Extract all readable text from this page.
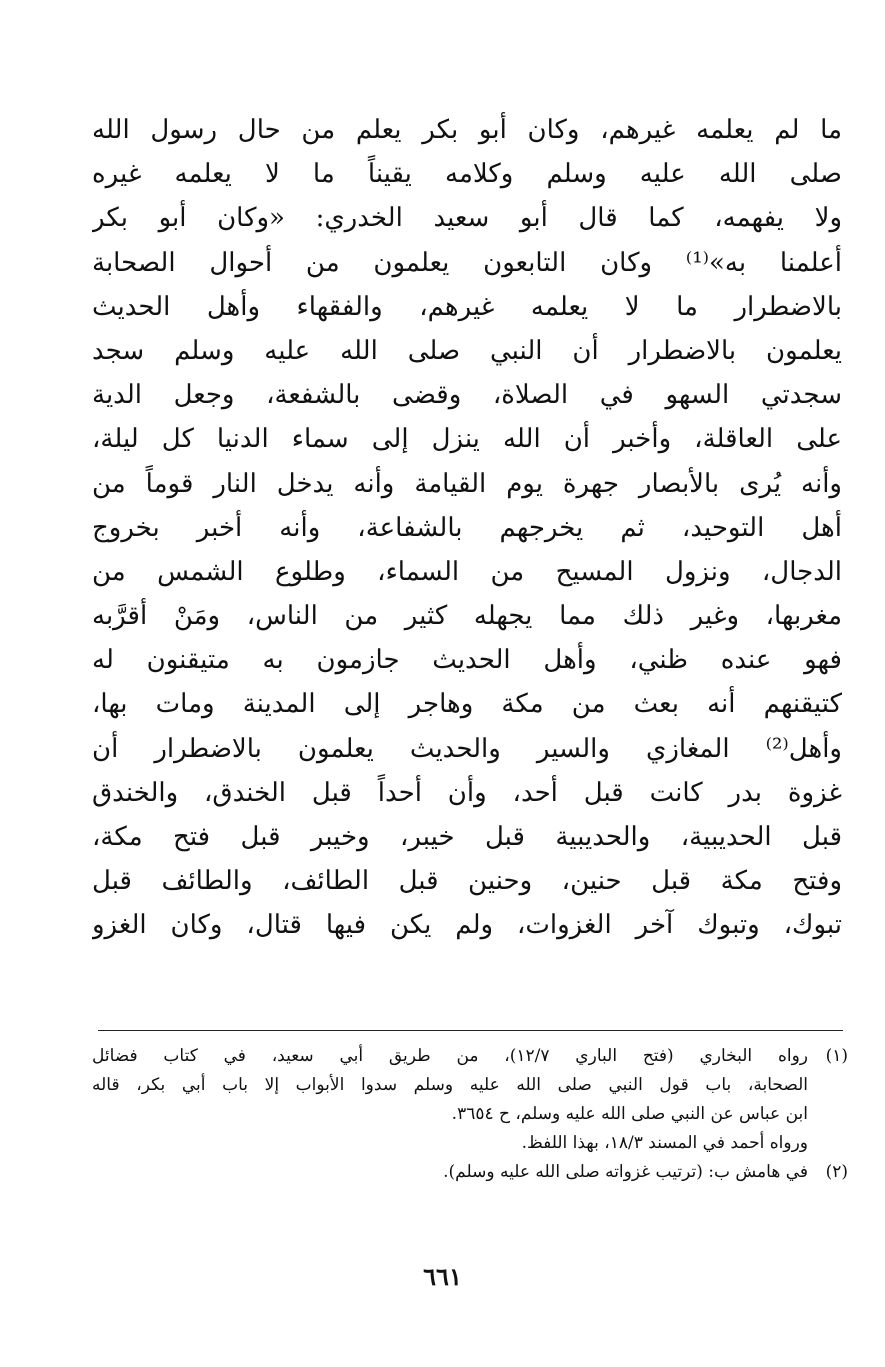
ما لم يعلمه غيرهم، وكان أبو بكر يعلم من حال رسول الله
صلى الله عليه وسلم وكلامه يقيناً ما لا يعلمه غيره
ولا يفهمه، كما قال أبو سعيد الخدري: «وكان أبو بكر
أعلمنا به»⁽¹⁾ وكان التابعون يعلمون من أحوال الصحابة
بالاضطرار ما لا يعلمه غيرهم، والفقهاء وأهل الحديث
يعلمون بالاضطرار أن النبي صلى الله عليه وسلم سجد
سجدتي السهو في الصلاة، وقضى بالشفعة، وجعل الدية
على العاقلة، وأخبر أن الله ينزل إلى سماء الدنيا كل ليلة،
وأنه يُرى بالأبصار جهرة يوم القيامة وأنه يدخل النار قوماً من
أهل التوحيد، ثم يخرجهم بالشفاعة، وأنه أخبر بخروج
الدجال، ونزول المسيح من السماء، وطلوع الشمس من
مغربها، وغير ذلك مما يجهله كثير من الناس، ومَنْ أقرَّبه
فهو عنده ظني، وأهل الحديث جازمون به متيقنون له
كتيقنهم أنه بعث من مكة وهاجر إلى المدينة ومات بها،
وأهل⁽²⁾ المغازي والسير والحديث يعلمون بالاضطرار أن
غزوة بدر كانت قبل أحد، وأن أحداً قبل الخندق، والخندق
قبل الحديبية، والحديبية قبل خيبر، وخيبر قبل فتح مكة،
وفتح مكة قبل حنين، وحنين قبل الطائف، والطائف قبل
تبوك، وتبوك آخر الغزوات، ولم يكن فيها قتال، وكان الغزو
(١)
رواه البخاري (فتح الباري ١٢/٧)، من طريق أبي سعيد، في كتاب فضائل
الصحابة، باب قول النبي صلى الله عليه وسلم سدوا الأبواب إلا باب أبي بكر، قاله
ابن عباس عن النبي صلى الله عليه وسلم، ح ٣٦٥٤.
ورواه أحمد في المسند ١٨/٣، بهذا اللفظ.
(٢)
في هامش ب: (ترتيب غزواته صلى الله عليه وسلم).
٦٦١
